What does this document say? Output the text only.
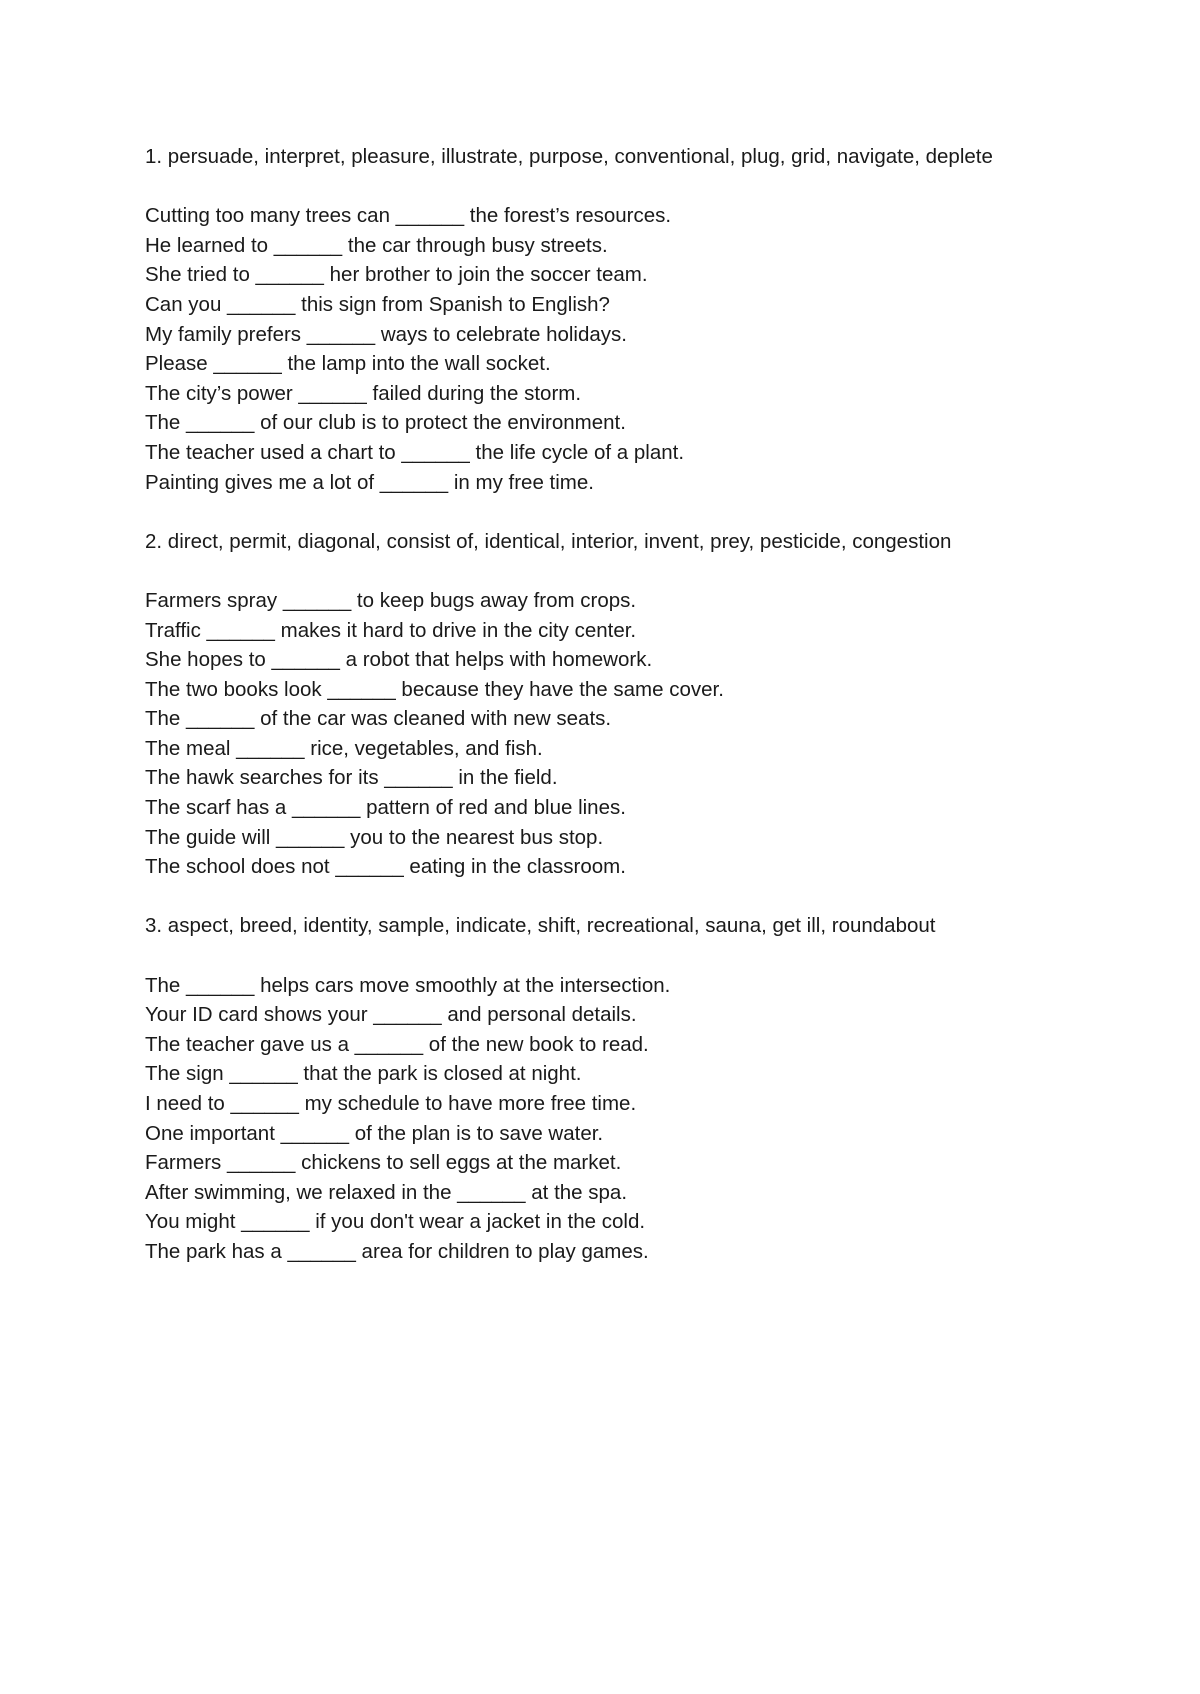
1. persuade, interpret, pleasure, illustrate, purpose, conventional, plug, grid, navigate, deplete
Cutting too many trees can ______ the forest’s resources.
He learned to ______ the car through busy streets.
She tried to ______ her brother to join the soccer team.
Can you ______ this sign from Spanish to English?
My family prefers ______ ways to celebrate holidays.
Please ______ the lamp into the wall socket.
The city’s power ______ failed during the storm.
The ______ of our club is to protect the environment.
The teacher used a chart to ______ the life cycle of a plant.
Painting gives me a lot of ______ in my free time.
2. direct, permit, diagonal, consist of, identical, interior, invent, prey, pesticide, congestion
Farmers spray ______ to keep bugs away from crops.
Traffic ______ makes it hard to drive in the city center.
She hopes to ______ a robot that helps with homework.
The two books look ______ because they have the same cover.
The ______ of the car was cleaned with new seats.
The meal ______ rice, vegetables, and fish.
The hawk searches for its ______ in the field.
The scarf has a ______ pattern of red and blue lines.
The guide will ______ you to the nearest bus stop.
The school does not ______ eating in the classroom.
3. aspect, breed, identity, sample, indicate, shift, recreational, sauna, get ill, roundabout
The ______ helps cars move smoothly at the intersection.
Your ID card shows your ______ and personal details.
The teacher gave us a ______ of the new book to read.
The sign ______ that the park is closed at night.
I need to ______ my schedule to have more free time.
One important ______ of the plan is to save water.
Farmers ______ chickens to sell eggs at the market.
After swimming, we relaxed in the ______ at the spa.
You might ______ if you don't wear a jacket in the cold.
The park has a ______ area for children to play games.
